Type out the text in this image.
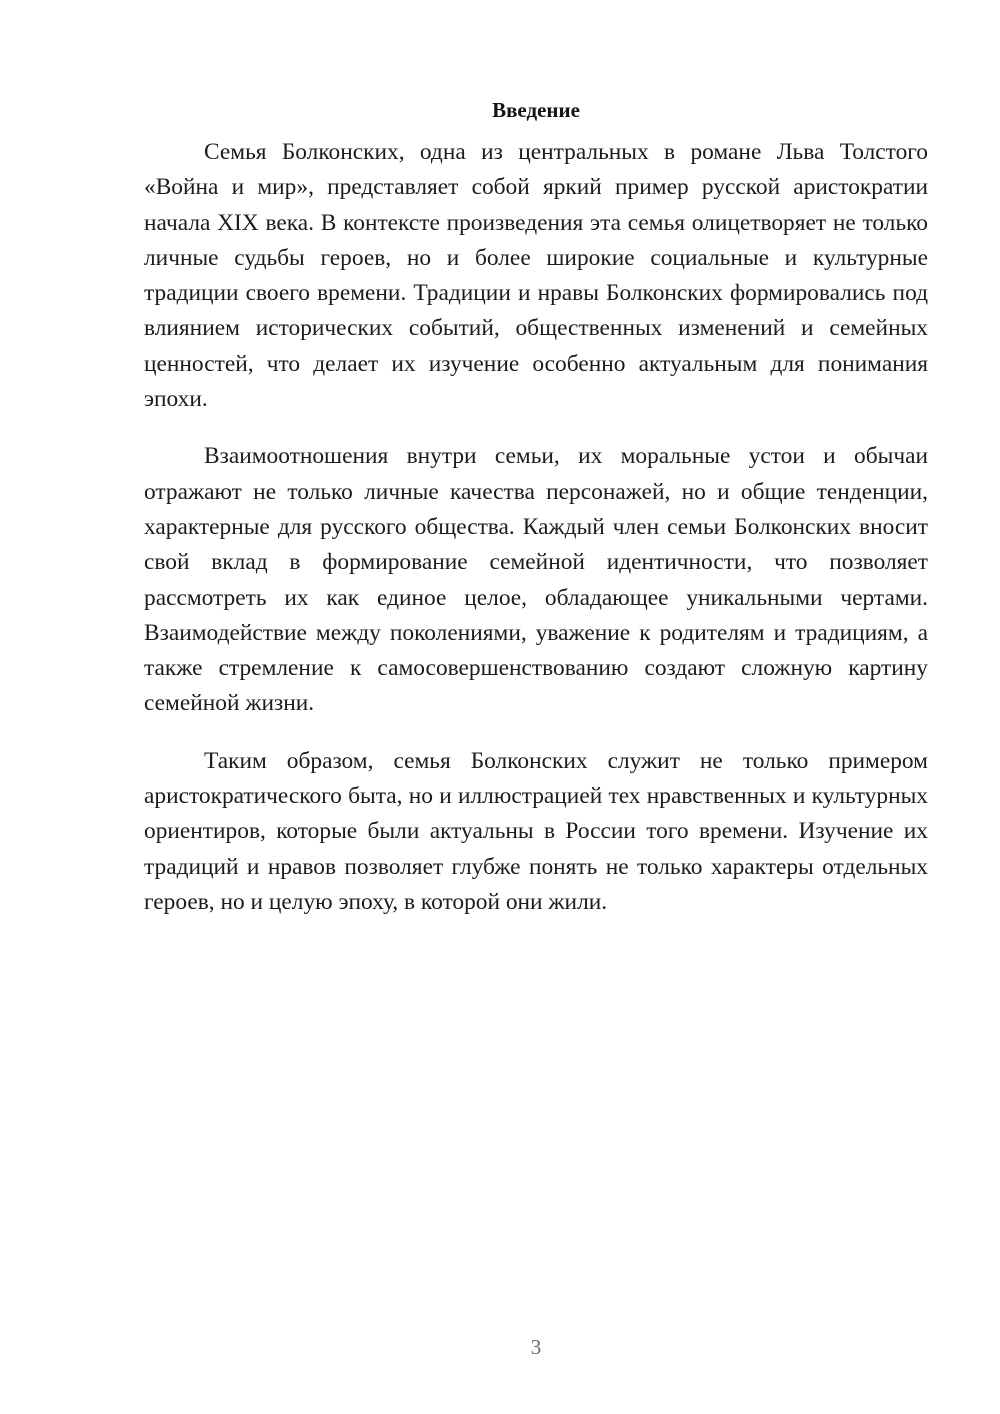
Введение

Семья Болконских, одна из центральных в романе Льва Толстого «Война и мир», представляет собой яркий пример русской аристократии начала XIX века. В контексте произведения эта семья олицетворяет не только личные судьбы героев, но и более широкие социальные и культурные традиции своего времени. Традиции и нравы Болконских формировались под влиянием исторических событий, общественных изменений и семейных ценностей, что делает их изучение особенно актуальным для понимания эпохи.

Взаимоотношения внутри семьи, их моральные устои и обычаи отражают не только личные качества персонажей, но и общие тенденции, характерные для русского общества. Каждый член семьи Болконских вносит свой вклад в формирование семейной идентичности, что позволяет рассмотреть их как единое целое, обладающее уникальными чертами. Взаимодействие между поколениями, уважение к родителям и традициям, а также стремление к самосовершенствованию создают сложную картину семейной жизни.

Таким образом, семья Болконских служит не только примером аристократического быта, но и иллюстрацией тех нравственных и культурных ориентиров, которые были актуальны в России того времени. Изучение их традиций и нравов позволяет глубже понять не только характеры отдельных героев, но и целую эпоху, в которой они жили.

3
